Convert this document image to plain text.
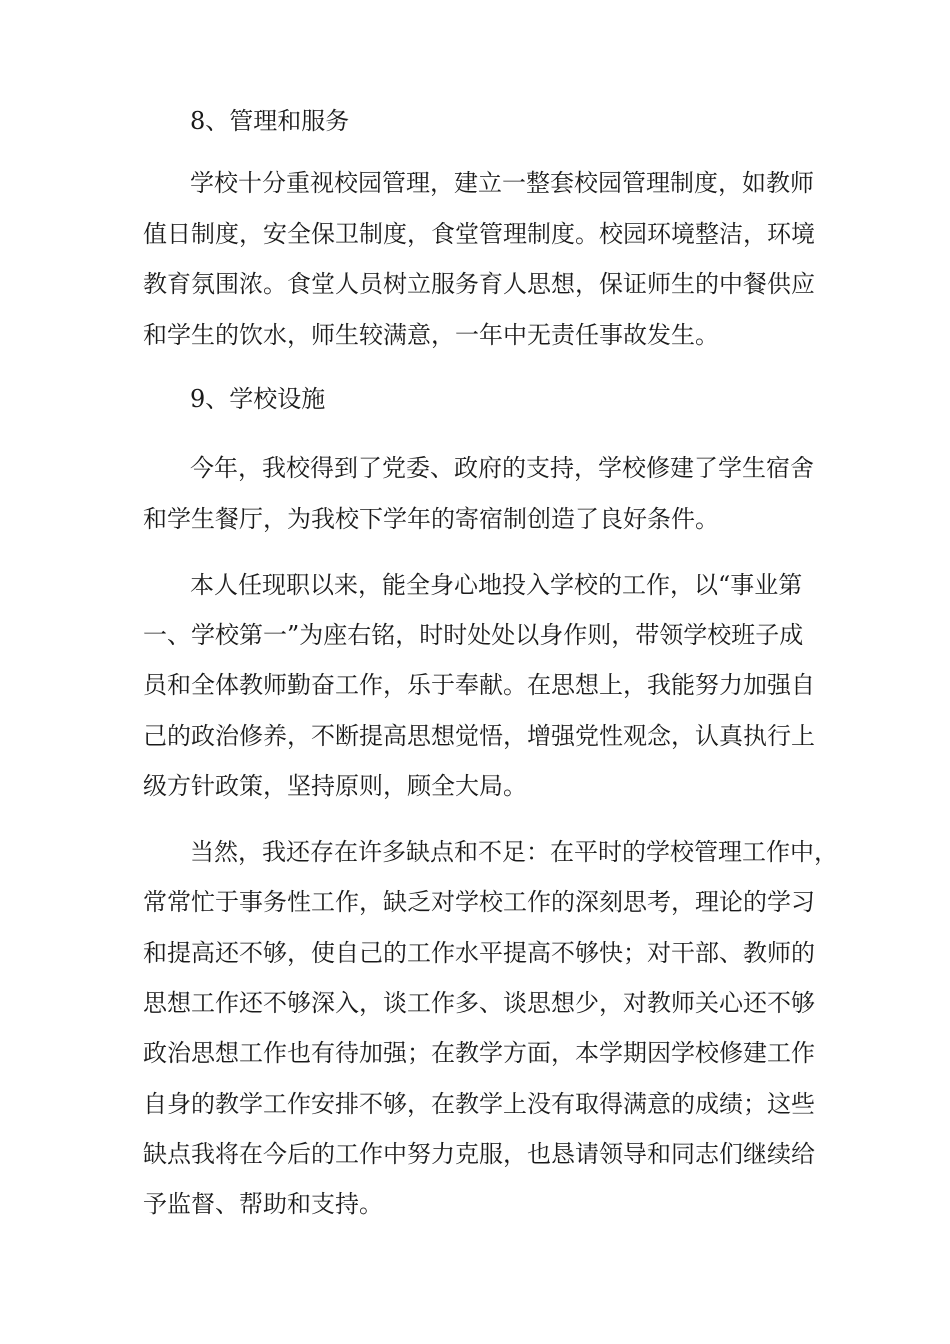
8、管理和服务
学校十分重视校园管理，建立一整套校园管理制度，如教师
值日制度，安全保卫制度，食堂管理制度。校园环境整洁，环境
教育氛围浓。食堂人员树立服务育人思想，保证师生的中餐供应
和学生的饮水，师生较满意，一年中无责任事故发生。
9、学校设施
今年，我校得到了党委、政府的支持，学校修建了学生宿舍
和学生餐厅，为我校下学年的寄宿制创造了良好条件。
本人任现职以来，能全身心地投入学校的工作，以“事业第
一、学校第一”为座右铭，时时处处以身作则，带领学校班子成
员和全体教师勤奋工作，乐于奉献。在思想上，我能努力加强自
己的政治修养，不断提高思想觉悟，增强党性观念，认真执行上
级方针政策，坚持原则，顾全大局。
当然，我还存在许多缺点和不足：在平时的学校管理工作中，
常常忙于事务性工作，缺乏对学校工作的深刻思考，理论的学习
和提高还不够，使自己的工作水平提高不够快；对干部、教师的
思想工作还不够深入，谈工作多、谈思想少，对教师关心还不够
政治思想工作也有待加强；在教学方面，本学期因学校修建工作
自身的教学工作安排不够，在教学上没有取得满意的成绩；这些
缺点我将在今后的工作中努力克服，也恳请领导和同志们继续给
予监督、帮助和支持。
